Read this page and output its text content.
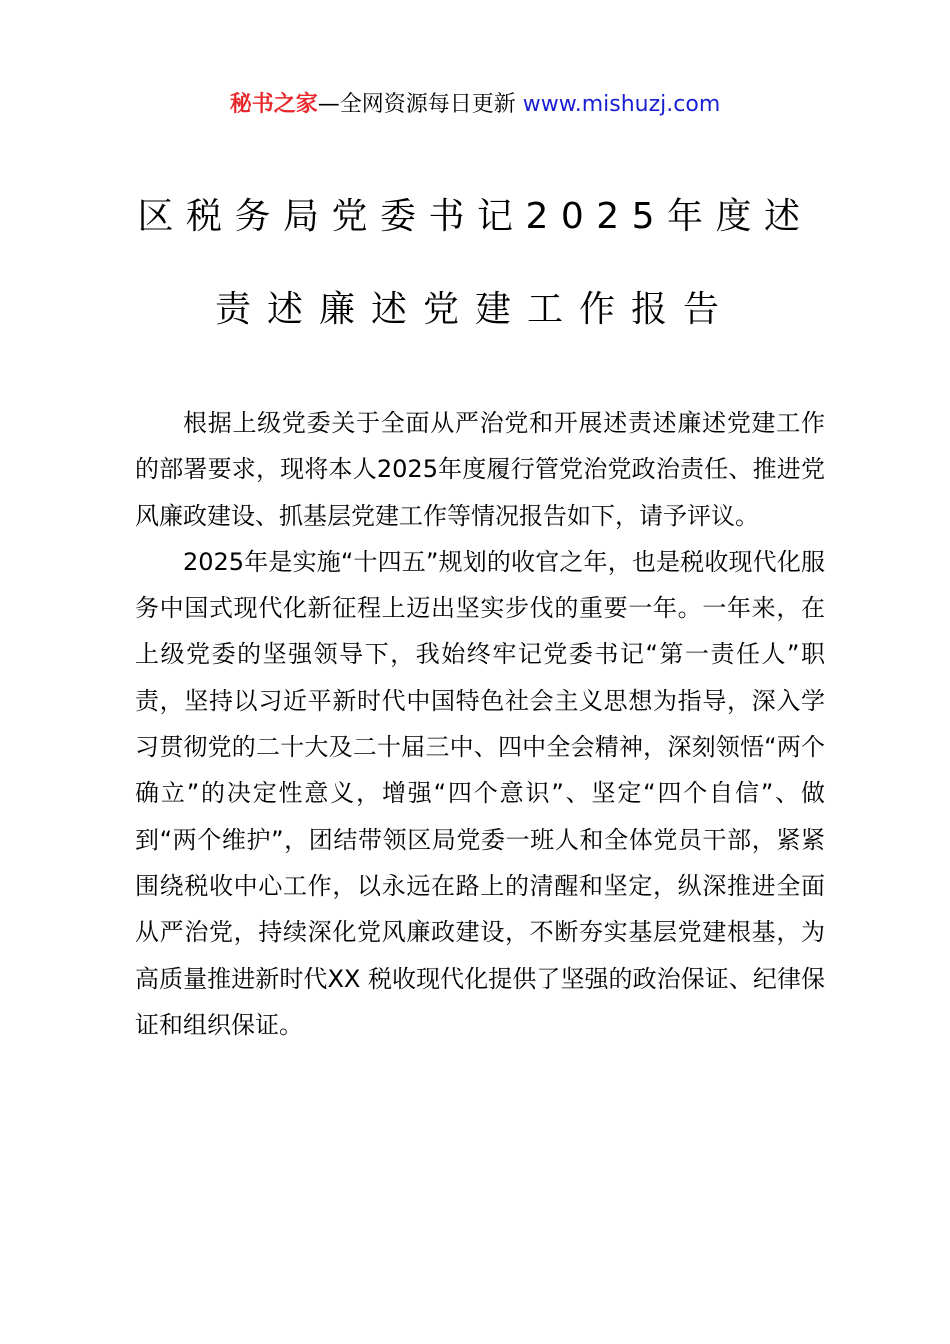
秘书之家—全网资源每日更新 www.mishuzj.com
区税务局党委书记2025年度述
责述廉述党建工作报告

根据上级党委关于全面从严治党和开展述责述廉述党建工作的部署要求，现将本人2025年度履行管党治党政治责任、推进党风廉政建设、抓基层党建工作等情况报告如下，请予评议。

2025年是实施“十四五”规划的收官之年，也是税收现代化服务中国式现代化新征程上迈出坚实步伐的重要一年。一年来，在上级党委的坚强领导下，我始终牢记党委书记“第一责任人”职责，坚持以习近平新时代中国特色社会主义思想为指导，深入学习贯彻党的二十大及二十届三中、四中全会精神，深刻领悟“两个确立”的决定性意义，增强“四个意识”、坚定“四个自信”、做到“两个维护”，团结带领区局党委一班人和全体党员干部，紧紧围绕税收中心工作，以永远在路上的清醒和坚定，纵深推进全面从严治党，持续深化党风廉政建设，不断夯实基层党建根基，为高质量推进新时代XX 税收现代化提供了坚强的政治保证、纪律保证和组织保证。
